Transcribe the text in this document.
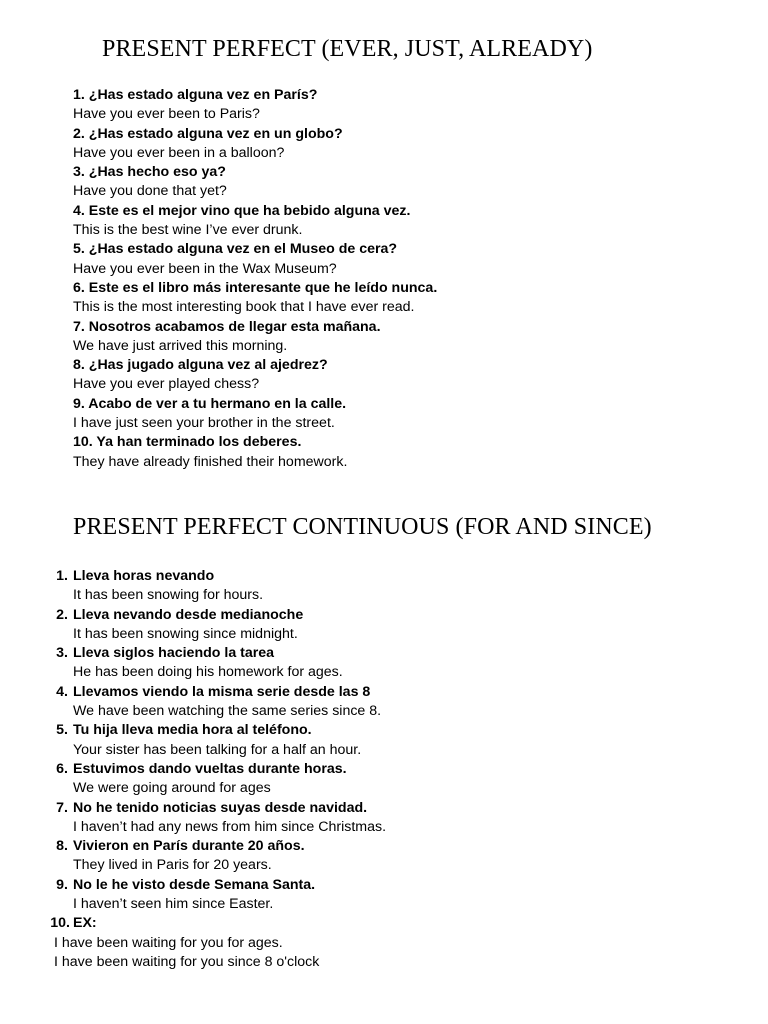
PRESENT PERFECT (EVER, JUST, ALREADY)
1. ¿Has estado alguna vez en París?
Have you ever been to Paris?
2. ¿Has estado alguna vez en un globo?
Have you ever been in a balloon?
3. ¿Has hecho eso ya?
Have you done that yet?
4. Este es el mejor vino que ha bebido alguna vez.
This is the best wine I’ve ever drunk.
5. ¿Has estado alguna vez en el Museo de cera?
Have you ever been in the Wax Museum?
6. Este es el libro más interesante que he leído nunca.
This is the most interesting book that I have ever read.
7. Nosotros acabamos de llegar esta mañana.
We have just arrived this morning.
8. ¿Has jugado alguna vez al ajedrez?
Have you ever played chess?
9. Acabo de ver a tu hermano en la calle.
I have just seen your brother in the street.
10. Ya han terminado los deberes.
They have already finished their homework.
PRESENT PERFECT CONTINUOUS (FOR AND SINCE)
1. Lleva horas nevando
It has been snowing for hours.
2. Lleva nevando desde medianoche
It has been snowing since midnight.
3. Lleva siglos haciendo la tarea
He has been doing his homework for ages.
4. Llevamos viendo la misma serie desde las 8
We have been watching the same series since 8.
5. Tu hija lleva media hora al teléfono.
Your sister has been talking for a half an hour.
6. Estuvimos dando vueltas durante horas.
We were going around for ages
7. No he tenido noticias suyas desde navidad.
I haven’t had any news from him since Christmas.
8. Vivieron en París durante 20 años.
They lived in Paris for 20 years.
9. No le he visto desde Semana Santa.
I haven’t seen him since Easter.
10. EX:
I have been waiting for you for ages.
I have been waiting for you since 8 o'clock
